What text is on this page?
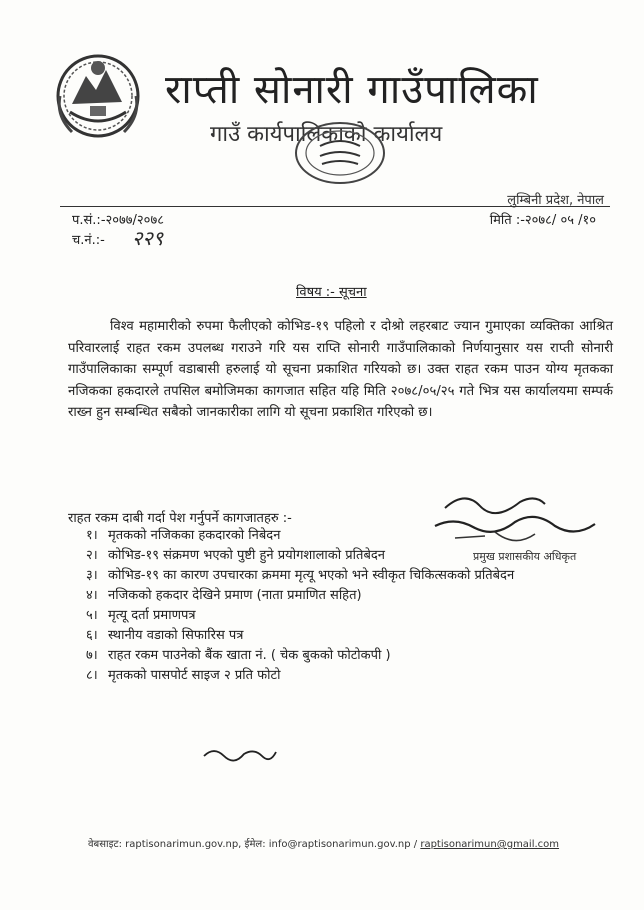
राप्ती सोनारी गाउँपालिका
गाउँ कार्यपालिकाको कार्यालय
लुम्बिनी प्रदेश, नेपाल
प.सं.:-२०७७/२०७८	मिति :-२०७८/ ०५ /१०
च.नं.:- २२९
विषय :- सूचना
विश्व महामारीको रुपमा फैलीएको कोभिड-१९ पहिलो र दोश्रो लहरबाट ज्यान गुमाएका व्यक्तिका आश्रित परिवारलाई राहत रकम उपलब्ध गराउने गरि यस राप्ति सोनारी गाउँपालिकाको निर्णयानुसार यस राप्ती सोनारी गाउँपालिकाका सम्पूर्ण वडाबासी हरुलाई यो सूचना प्रकाशित गरियको छ। उक्त राहत रकम पाउन योग्य मृतकका नजिकका हकदारले तपसिल बमोजिमका कागजात सहित यहि मिति २०७८/०५/२५ गते भित्र यस कार्यालयमा सम्पर्क राख्न हुन सम्बन्धित सबैको जानकारीका लागि यो सूचना प्रकाशित गरिएको छ।
राहत रकम दाबी गर्दा पेश गर्नुपर्ने कागजातहरु :-
१। मृतकको नजिकका हकदारको निबेदन
२। कोभिड-१९ संक्रमण भएको पुष्टी हुने प्रयोगशालाको प्रतिबेदन
३। कोभिड-१९ का कारण उपचारका क्रममा मृत्यू भएको भने स्वीकृत चिकित्सकको प्रतिबेदन
४। नजिकको हकदार देखिने प्रमाण (नाता प्रमाणित सहित)
५। मृत्यू दर्ता प्रमाणपत्र
६। स्थानीय वडाको सिफारिस पत्र
७। राहत रकम पाउनेको बैंक खाता नं. ( चेक बुकको फोटोकपी )
८। मृतकको पासपोर्ट साइज २ प्रति फोटो
प्रमुख प्रशासकीय अधिकृत
वेबसाइट: raptisonarimun.gov.np, ईमेल: info@raptisonarimun.gov.np / raptisonarimun@gmail.com
